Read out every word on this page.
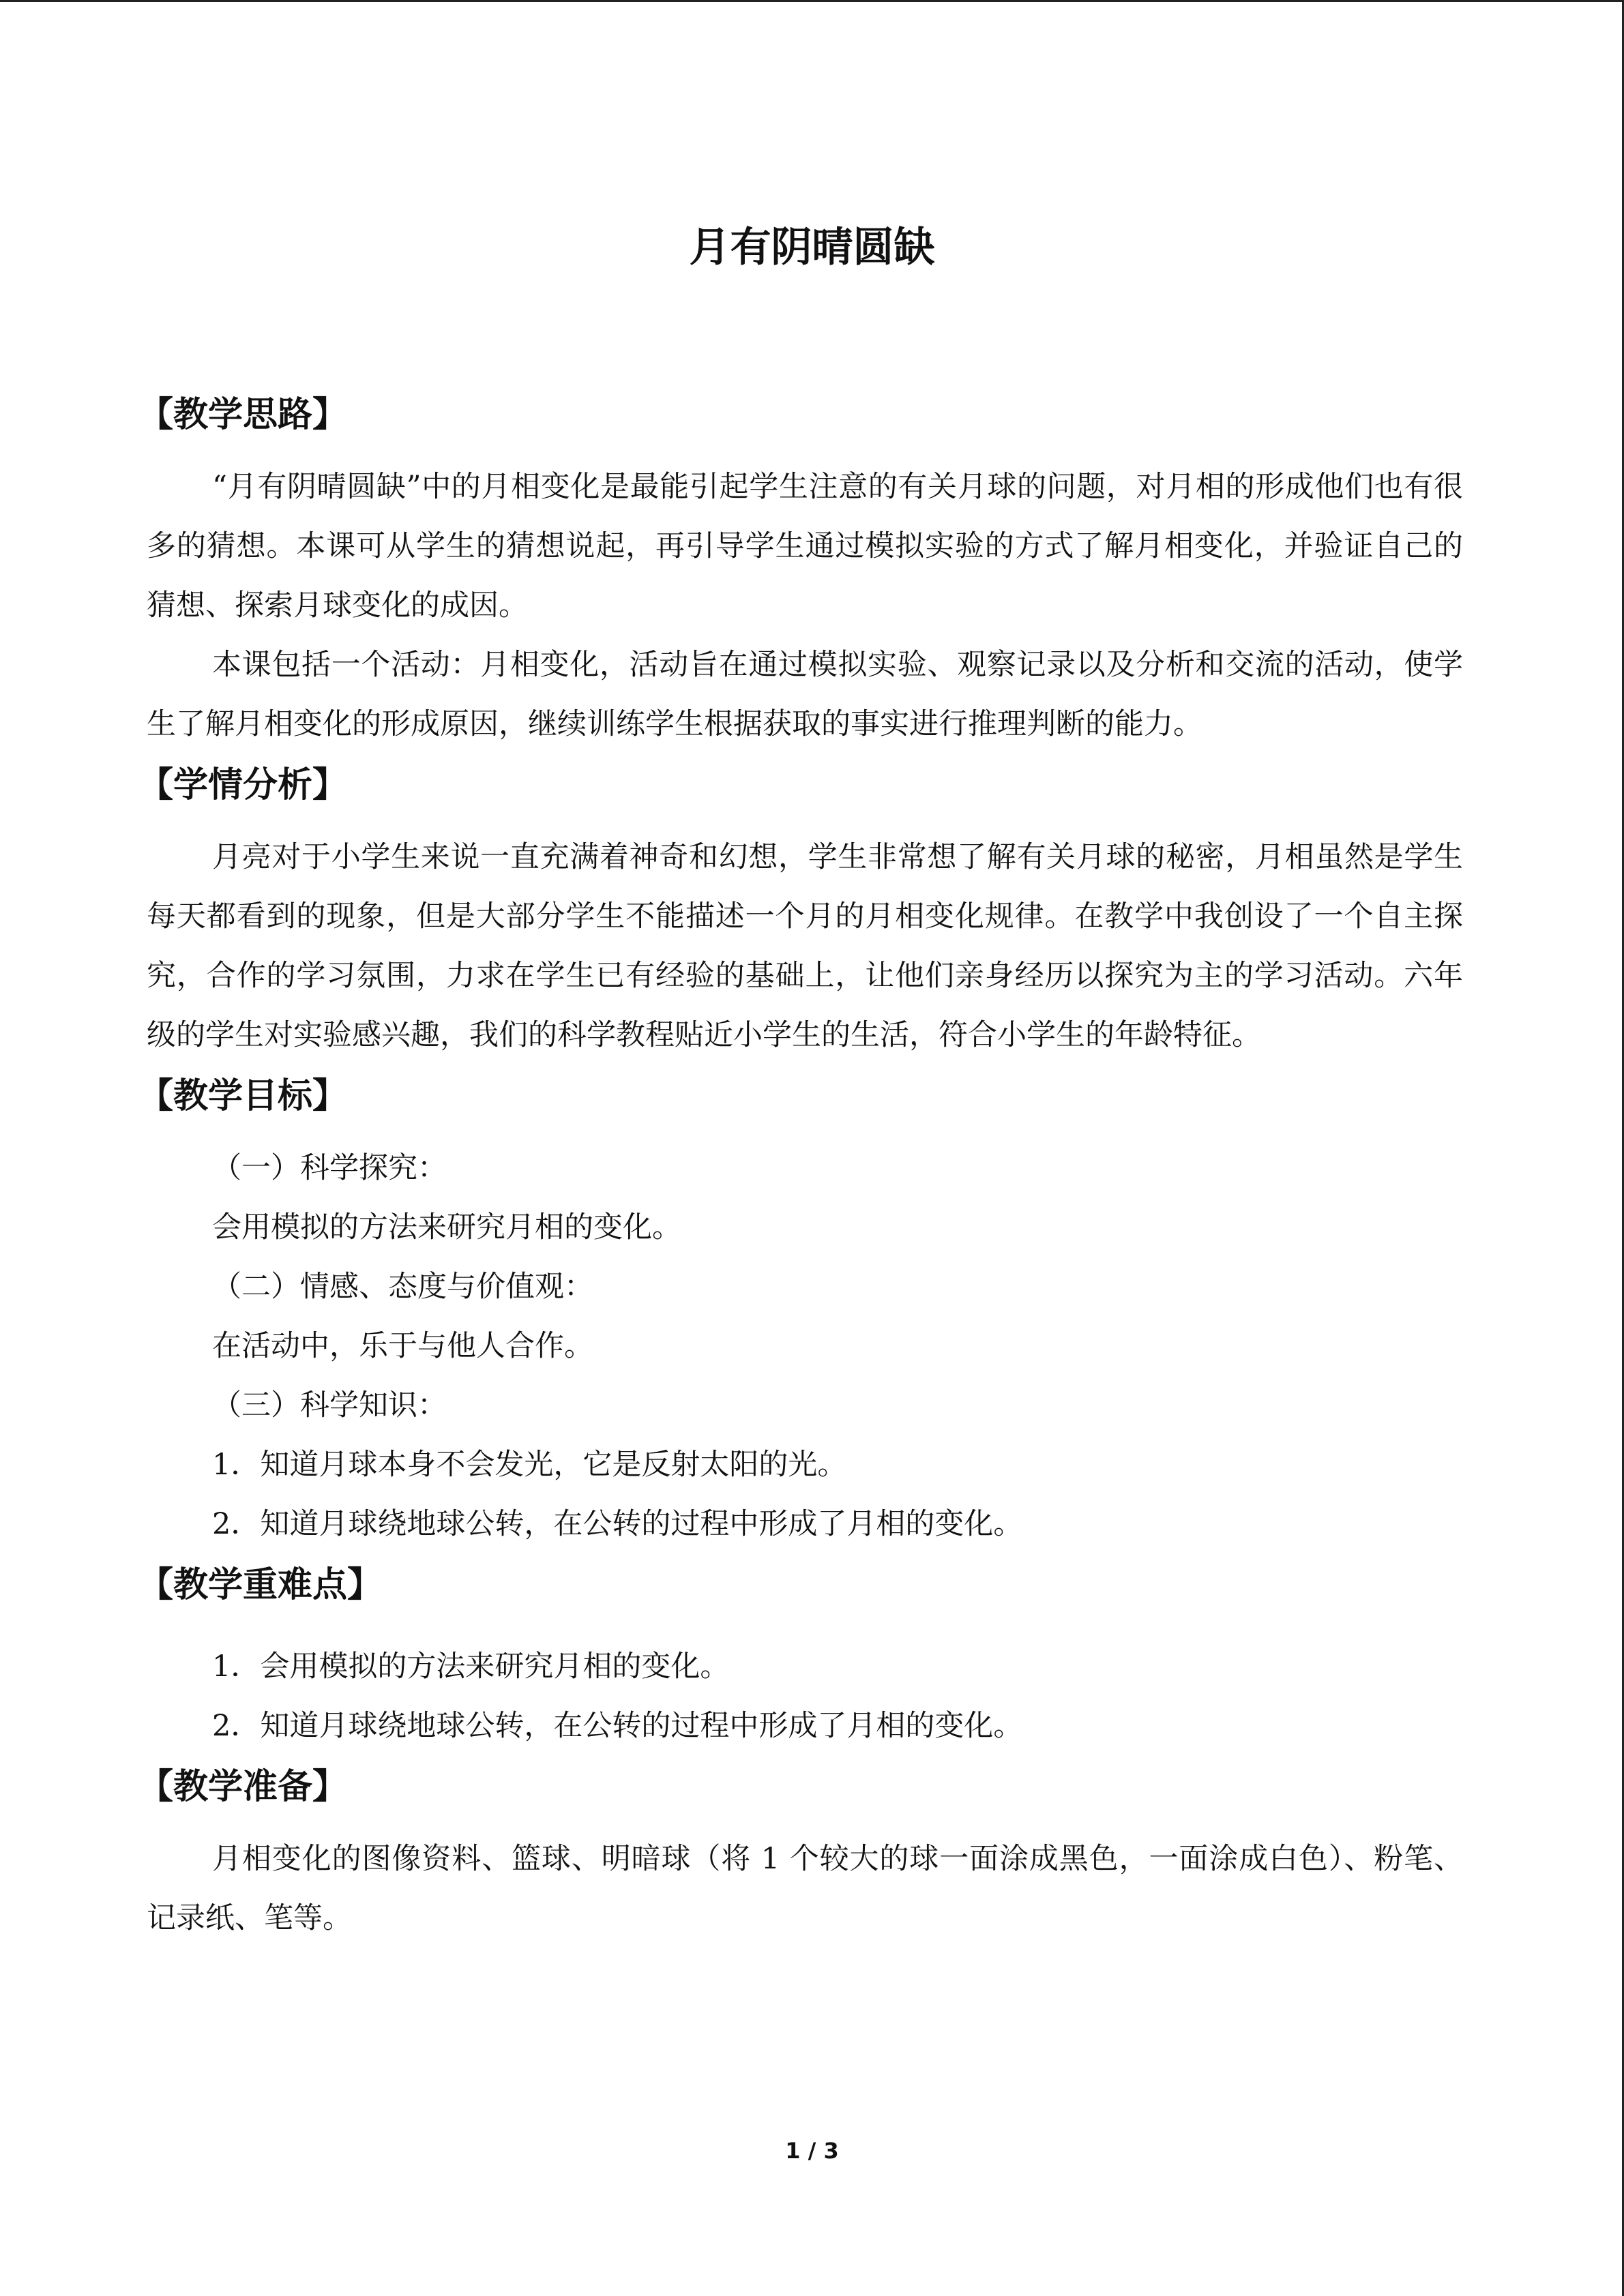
月有阴晴圆缺
【教学思路】

“月有阴晴圆缺”中的月相变化是最能引起学生注意的有关月球的问题，对月相的形成他们也有很多的猜想。本课可从学生的猜想说起，再引导学生通过模拟实验的方式了解月相变化，并验证自己的猜想、探索月球变化的成因。

本课包括一个活动：月相变化，活动旨在通过模拟实验、观察记录以及分析和交流的活动，使学生了解月相变化的形成原因，继续训练学生根据获取的事实进行推理判断的能力。

【学情分析】

月亮对于小学生来说一直充满着神奇和幻想，学生非常想了解有关月球的秘密，月相虽然是学生每天都看到的现象，但是大部分学生不能描述一个月的月相变化规律。在教学中我创设了一个自主探究，合作的学习氛围，力求在学生已有经验的基础上，让他们亲身经历以探究为主的学习活动。六年级的学生对实验感兴趣，我们的科学教程贴近小学生的生活，符合小学生的年龄特征。

【教学目标】

（一）科学探究：

会用模拟的方法来研究月相的变化。

（二）情感、态度与价值观：

在活动中，乐于与他人合作。

（三）科学知识：

1．知道月球本身不会发光，它是反射太阳的光。

2．知道月球绕地球公转，在公转的过程中形成了月相的变化。

【教学重难点】

1．会用模拟的方法来研究月相的变化。

2．知道月球绕地球公转，在公转的过程中形成了月相的变化。

【教学准备】

月相变化的图像资料、篮球、明暗球（将 1 个较大的球一面涂成黑色，一面涂成白色）、粉笔、记录纸、笔等。

1 / 3
